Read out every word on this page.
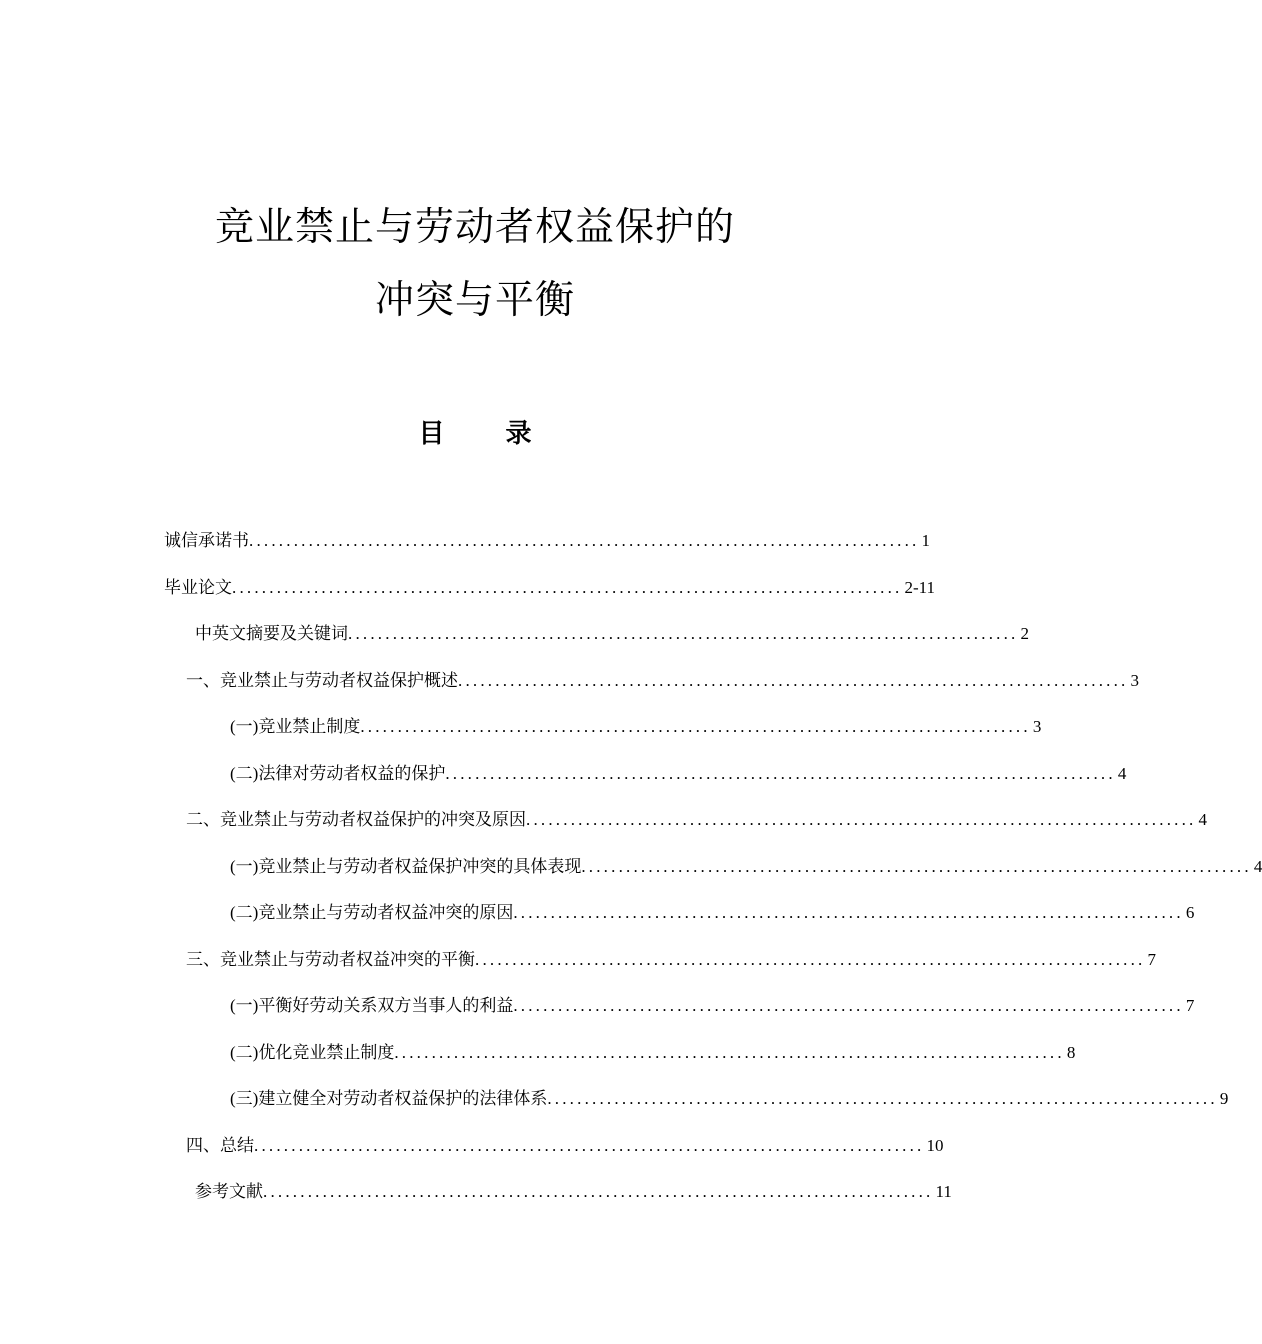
竞业禁止与劳动者权益保护的
冲突与平衡
目 录
诚信承诺书 .......................................................................................... 1
毕业论文 .......................................................................................... 2-11
中英文摘要及关键词 .......................................................................................... 2
一、竞业禁止与劳动者权益保护概述 .......................................................................................... 3
(一)竞业禁止制度 .......................................................................................... 3
(二)法律对劳动者权益的保护 .......................................................................................... 4
二、竞业禁止与劳动者权益保护的冲突及原因 .......................................................................................... 4
(一)竞业禁止与劳动者权益保护冲突的具体表现 .......................................................................................... 4
(二)竞业禁止与劳动者权益冲突的原因 .......................................................................................... 6
三、竞业禁止与劳动者权益冲突的平衡 .......................................................................................... 7
(一)平衡好劳动关系双方当事人的利益 .......................................................................................... 7
(二)优化竞业禁止制度 .......................................................................................... 8
(三)建立健全对劳动者权益保护的法律体系 .......................................................................................... 9
四、总结 .......................................................................................... 10
参考文献 .......................................................................................... 11
